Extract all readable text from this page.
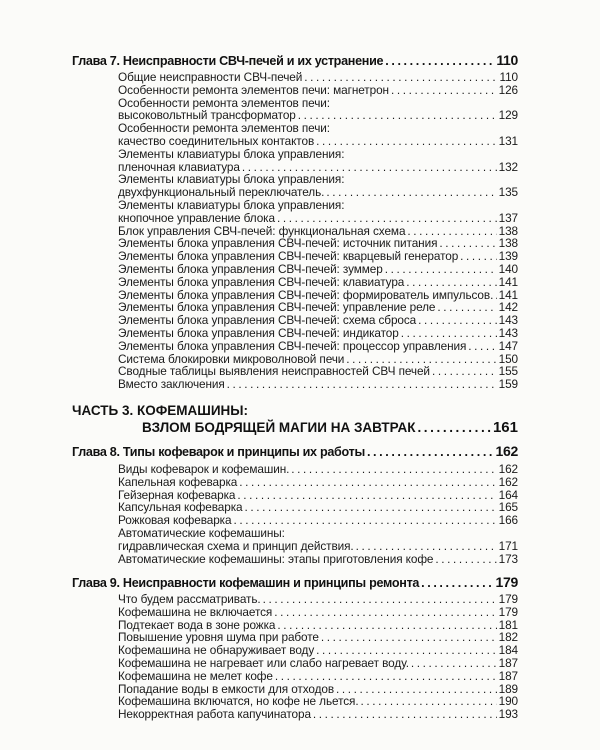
Глава 7. Неисправности СВЧ-печей и их устранение .....	110
Общие неисправности СВЧ-печей .....	110
Особенности ремонта элементов печи: магнетрон .....	126
Особенности ремонта элементов печи:
высоковольтный трансформатор .....	129
Особенности ремонта элементов печи:
качество соединительных контактов .....	131
Элементы клавиатуры блока управления:
пленочная клавиатура .....	132
Элементы клавиатуры блока управления:
двухфункциональный переключатель. .....	135
Элементы клавиатуры блока управления:
кнопочное управление блока .....	137
Блок управления СВЧ-печей: функциональная схема .....	138
Элементы блока управления СВЧ-печей: источник питания .....	138
Элементы блока управления СВЧ-печей: кварцевый генератор .....	139
Элементы блока управления СВЧ-печей: зуммер .....	140
Элементы блока управления СВЧ-печей: клавиатура .....	141
Элементы блока управления СВЧ-печей: формирователь импульсов. ..... 141
Элементы блока управления СВЧ-печей: управление реле .....	142
Элементы блока управления СВЧ-печей: схема сброса .....	143
Элементы блока управления СВЧ-печей: индикатор .....	143
Элементы блока управления СВЧ-печей: процессор управления .....	147
Система блокировки микроволновой печи .....	150
Сводные таблицы выявления неисправностей СВЧ печей .....	155
Вместо заключения .....	159
ЧАСТЬ 3. КОФЕМАШИНЫ:
ВЗЛОМ БОДРЯЩЕЙ МАГИИ НА ЗАВТРАК .....	161
Глава 8. Типы кофеварок и принципы их работы .....	162
Виды кофеварок и кофемашин. .....	162
Капельная кофеварка .....	162
Гейзерная кофеварка .....	164
Капсульная кофеварка .....	165
Рожковая кофеварка .....	166
Автоматические кофемашины:
гидравлическая схема и принцип действия. .....	171
Автоматические кофемашины: этапы приготовления кофе .....	173
Глава 9. Неисправности кофемашин и принципы ремонта .....	179
Что будем рассматривать. .....	179
Кофемашина не включается .....	179
Подтекает вода в зоне рожка .....	181
Повышение уровня шума при работе .....	182
Кофемашина не обнаруживает воду .....	184
Кофемашина не нагревает или слабо нагревает воду. .....	187
Кофемашина не мелет кофе .....	187
Попадание воды в емкости для отходов .....	189
Кофемашина включатся, но кофе не льется. .....	190
Некорректная работа капучинатора .....	193
